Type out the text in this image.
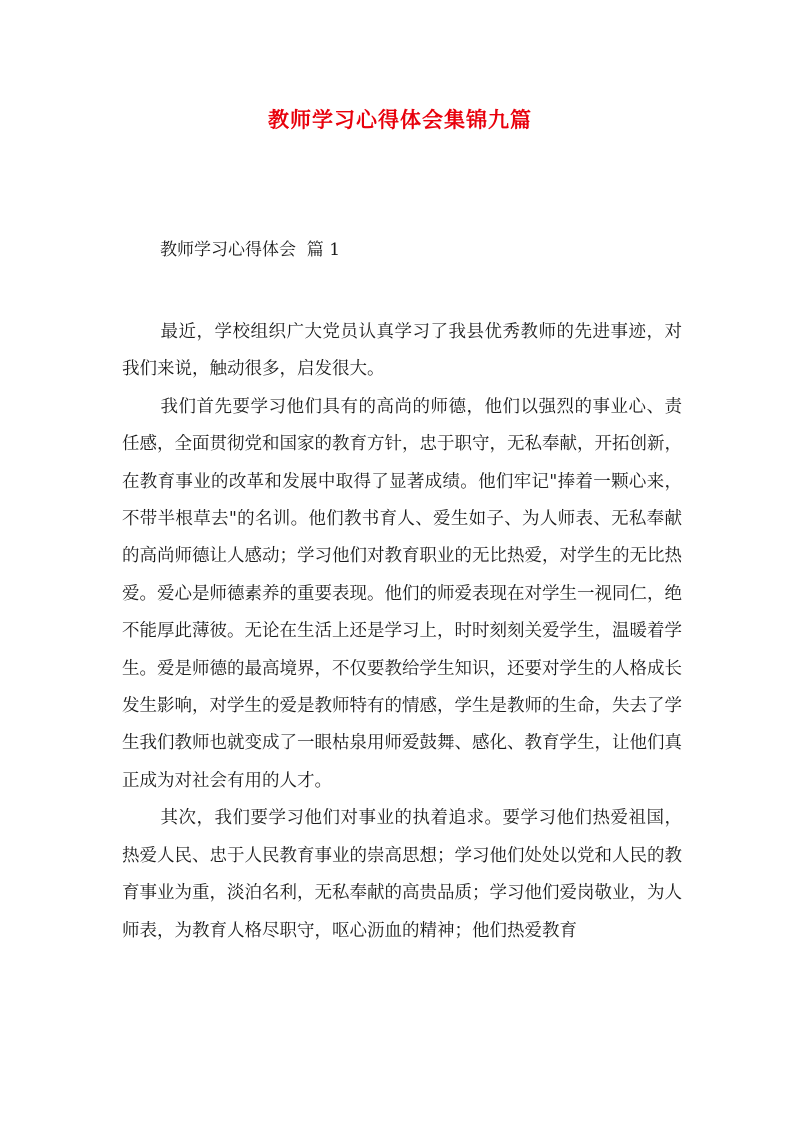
教师学习心得体会集锦九篇

教师学习心得体会  篇 1

最近，学校组织广大党员认真学习了我县优秀教师的先进事迹，对我们来说，触动很多，启发很大。

我们首先要学习他们具有的高尚的师德，他们以强烈的事业心、责任感，全面贯彻党和国家的教育方针，忠于职守，无私奉献，开拓创新，在教育事业的改革和发展中取得了显著成绩。他们牢记"捧着一颗心来，不带半根草去"的名训。他们教书育人、爱生如子、为人师表、无私奉献的高尚师德让人感动；学习他们对教育职业的无比热爱，对学生的无比热爱。爱心是师德素养的重要表现。他们的师爱表现在对学生一视同仁，绝不能厚此薄彼。无论在生活上还是学习上，时时刻刻关爱学生，温暖着学生。爱是师德的最高境界，不仅要教给学生知识，还要对学生的人格成长发生影响，对学生的爱是教师特有的情感，学生是教师的生命，失去了学生我们教师也就变成了一眼枯泉用师爱鼓舞、感化、教育学生，让他们真正成为对社会有用的人才。

其次，我们要学习他们对事业的执着追求。要学习他们热爱祖国，热爱人民、忠于人民教育事业的崇高思想；学习他们处处以党和人民的教育事业为重，淡泊名利，无私奉献的高贵品质；学习他们爱岗敬业，为人师表，为教育人格尽职守，呕心沥血的精神；他们热爱教育
